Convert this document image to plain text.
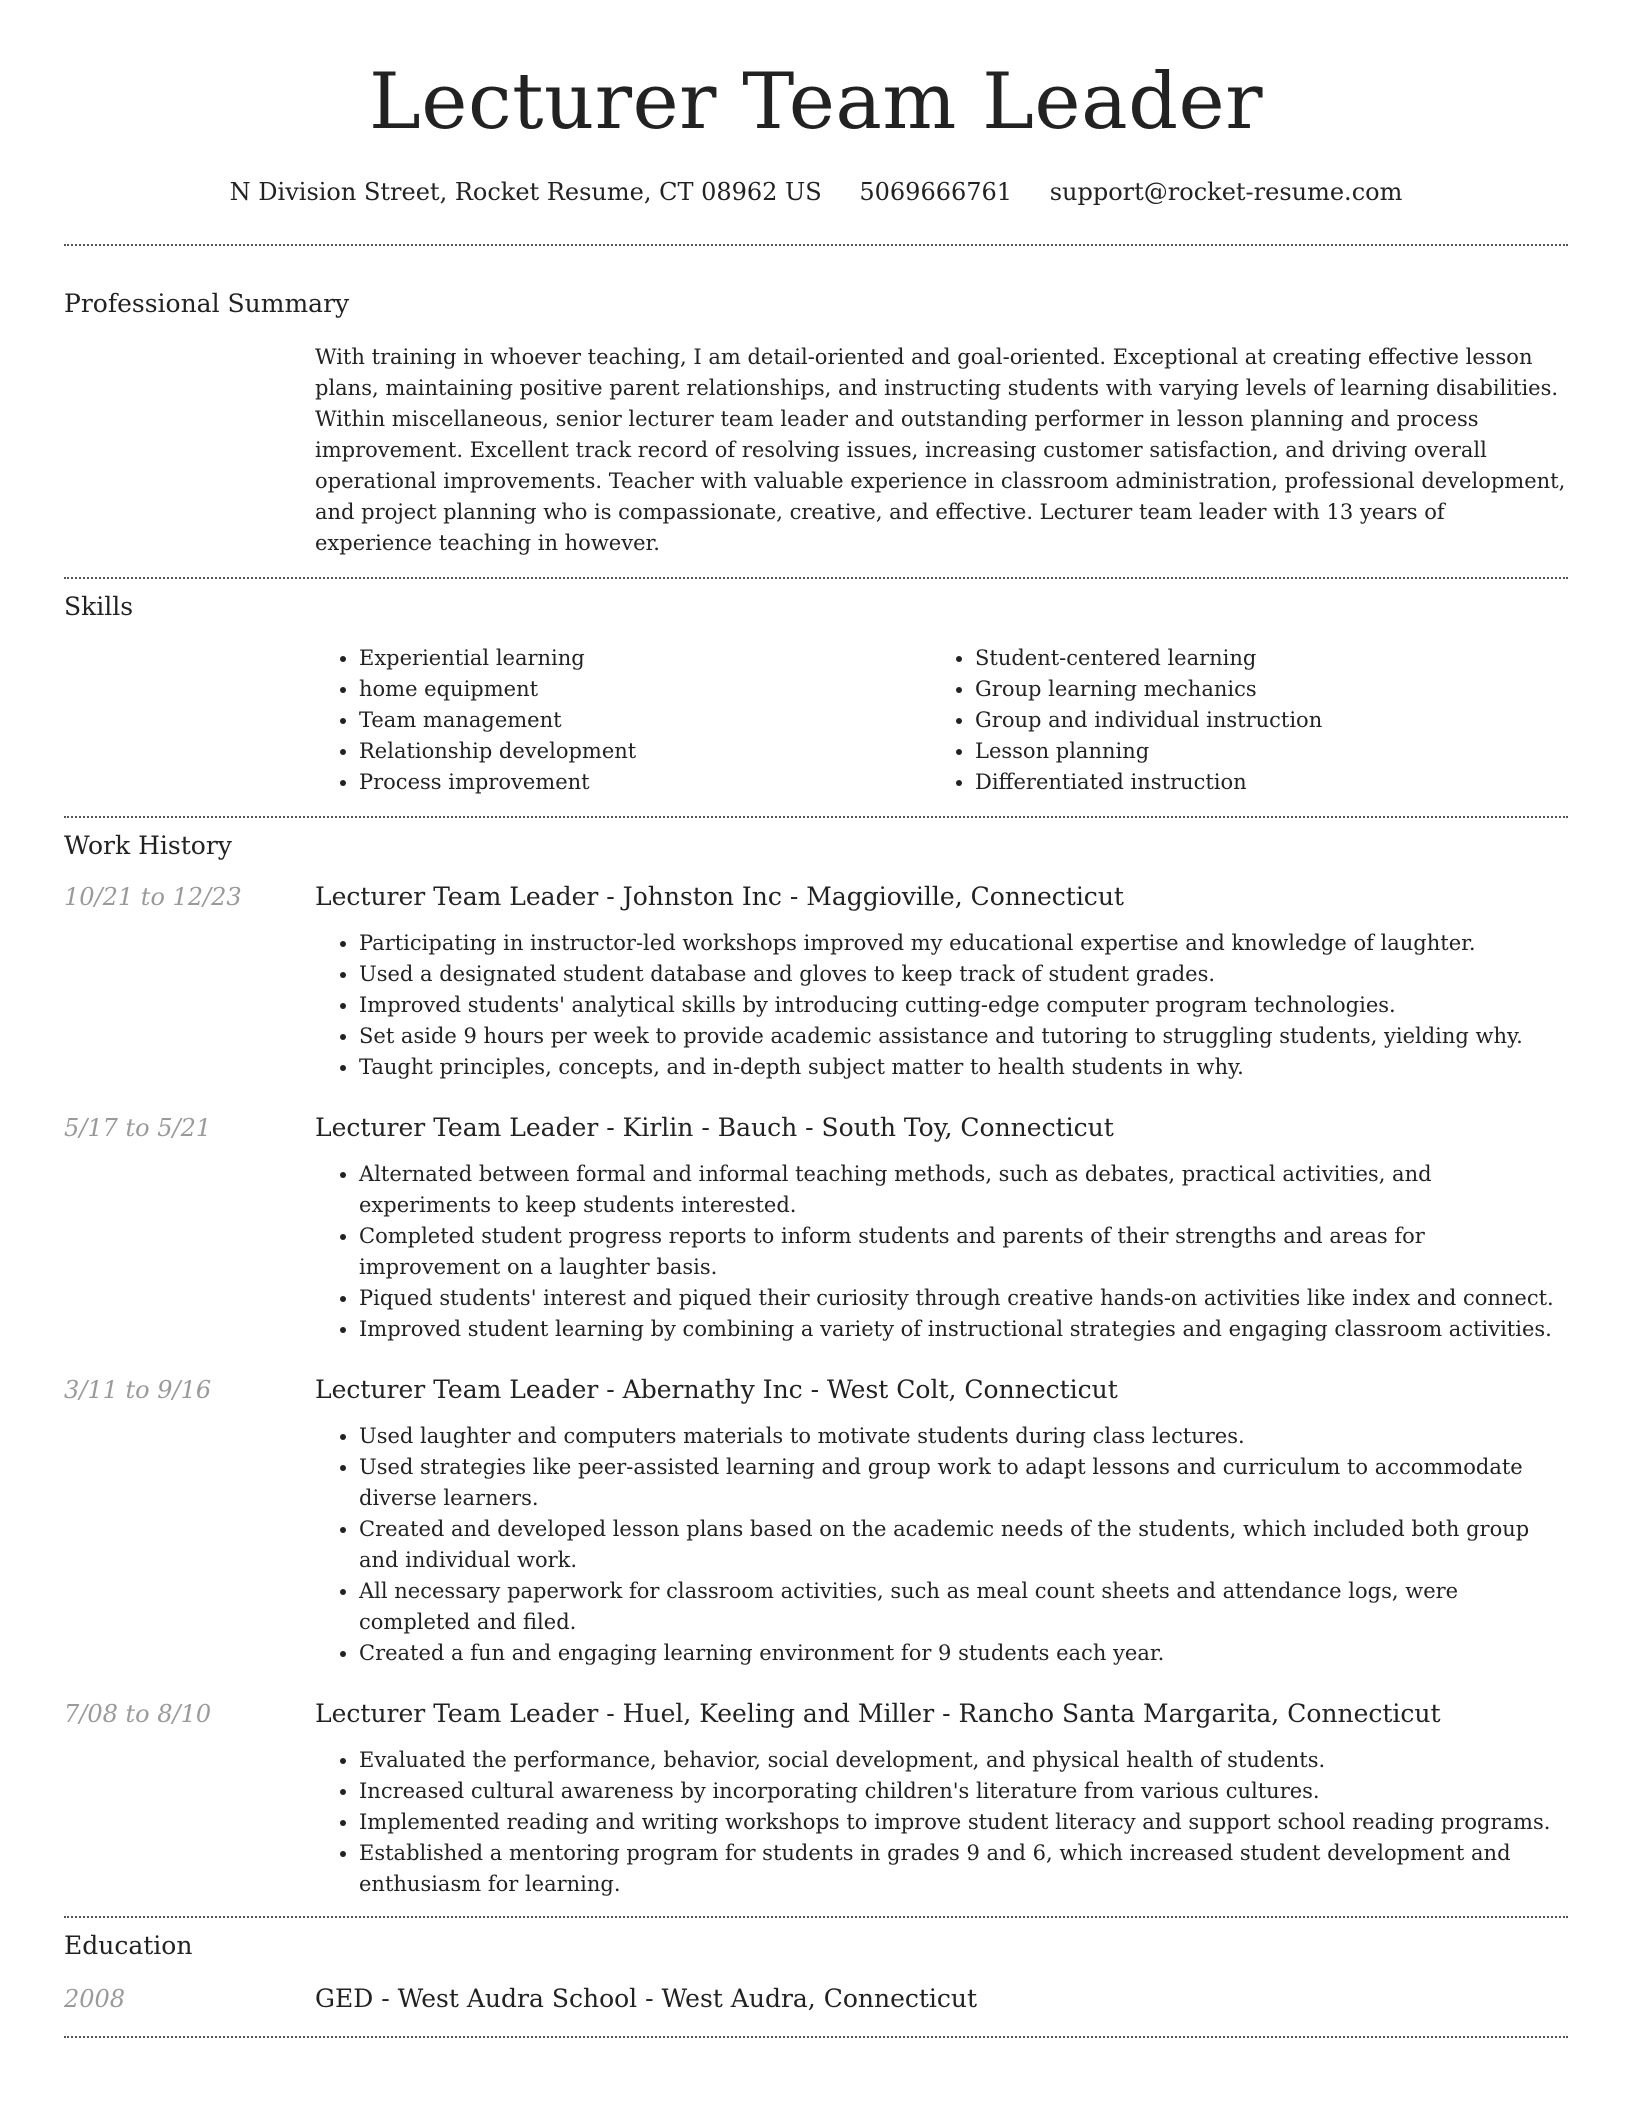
Lecturer Team Leader
N Division Street, Rocket Resume, CT 08962 US 5069666761 support@rocket-resume.com
Professional Summary

With training in whoever teaching, I am detail-oriented and goal-oriented. Exceptional at creating effective lesson plans, maintaining positive parent relationships, and instructing students with varying levels of learning disabilities. Within miscellaneous, senior lecturer team leader and outstanding performer in lesson planning and process improvement. Excellent track record of resolving issues, increasing customer satisfaction, and driving overall operational improvements. Teacher with valuable experience in classroom administration, professional development, and project planning who is compassionate, creative, and effective. Lecturer team leader with 13 years of experience teaching in however.

Skills
• Experiential learning
• home equipment
• Team management
• Relationship development
• Process improvement
• Student-centered learning
• Group learning mechanics
• Group and individual instruction
• Lesson planning
• Differentiated instruction
Work History
10/21 to 12/23	Lecturer Team Leader - Johnston Inc - Maggioville, Connecticut
• Participating in instructor-led workshops improved my educational expertise and knowledge of laughter.
• Used a designated student database and gloves to keep track of student grades.
• Improved students' analytical skills by introducing cutting-edge computer program technologies.
• Set aside 9 hours per week to provide academic assistance and tutoring to struggling students, yielding why.
• Taught principles, concepts, and in-depth subject matter to health students in why.
5/17 to 5/21	Lecturer Team Leader - Kirlin - Bauch - South Toy, Connecticut
• Alternated between formal and informal teaching methods, such as debates, practical activities, and experiments to keep students interested.
• Completed student progress reports to inform students and parents of their strengths and areas for improvement on a laughter basis.
• Piqued students' interest and piqued their curiosity through creative hands-on activities like index and connect.
• Improved student learning by combining a variety of instructional strategies and engaging classroom activities.
3/11 to 9/16	Lecturer Team Leader - Abernathy Inc - West Colt, Connecticut
• Used laughter and computers materials to motivate students during class lectures.
• Used strategies like peer-assisted learning and group work to adapt lessons and curriculum to accommodate diverse learners.
• Created and developed lesson plans based on the academic needs of the students, which included both group and individual work.
• All necessary paperwork for classroom activities, such as meal count sheets and attendance logs, were completed and filed.
• Created a fun and engaging learning environment for 9 students each year.
7/08 to 8/10	Lecturer Team Leader - Huel, Keeling and Miller - Rancho Santa Margarita, Connecticut
• Evaluated the performance, behavior, social development, and physical health of students.
• Increased cultural awareness by incorporating children's literature from various cultures.
• Implemented reading and writing workshops to improve student literacy and support school reading programs.
• Established a mentoring program for students in grades 9 and 6, which increased student development and enthusiasm for learning.
Education
2008	GED - West Audra School - West Audra, Connecticut
